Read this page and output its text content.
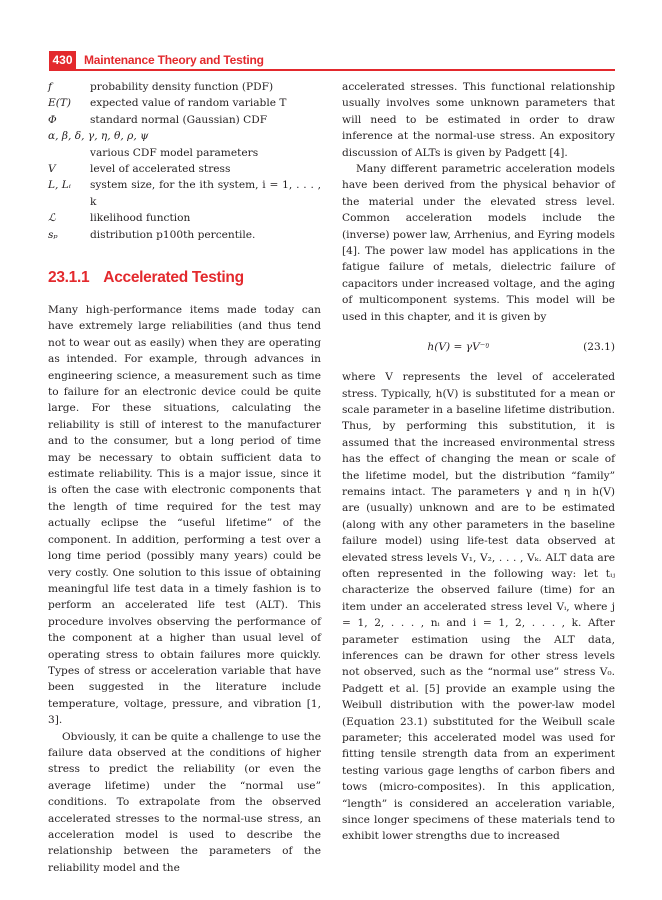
430 Maintenance Theory and Testing
f	probability density function (PDF)
E(T)	expected value of random variable T
Φ	standard normal (Gaussian) CDF
α, β, δ, γ, η, θ, ρ, ψ
various CDF model parameters
V	level of accelerated stress
L, Lᵢ	system size, for the ith system, i = 1, . . . , k
ℒ	likelihood function
sₚ	distribution p100th percentile.
23.1.1 Accelerated Testing

Many high-performance items made today can have extremely large reliabilities (and thus tend not to wear out as easily) when they are operating as intended. For example, through advances in engineering science, a measurement such as time to failure for an electronic device could be quite large. For these situations, calculating the reliability is still of interest to the manufacturer and to the consumer, but a long period of time may be necessary to obtain sufficient data to estimate reliability. This is a major issue, since it is often the case with electronic components that the length of time required for the test may actually eclipse the “useful lifetime” of the component. In addition, performing a test over a long time period (possibly many years) could be very costly. One solution to this issue of obtaining meaningful life test data in a timely fashion is to perform an accelerated life test (ALT). This procedure involves observing the performance of the component at a higher than usual level of operating stress to obtain failures more quickly. Types of stress or acceleration variable that have been suggested in the literature include temperature, voltage, pressure, and vibration [1, 3].

Obviously, it can be quite a challenge to use the failure data observed at the conditions of higher stress to predict the reliability (or even the average lifetime) under the “normal use” conditions. To extrapolate from the observed accelerated stresses to the normal-use stress, an acceleration model is used to describe the relationship between the parameters of the reliability model and the

accelerated stresses. This functional relationship usually involves some unknown parameters that will need to be estimated in order to draw inference at the normal-use stress. An expository discussion of ALTs is given by Padgett [4].

Many different parametric acceleration models have been derived from the physical behavior of the material under the elevated stress level. Common acceleration models include the (inverse) power law, Arrhenius, and Eyring models [4]. The power law model has applications in the fatigue failure of metals, dielectric failure of capacitors under increased voltage, and the aging of multicomponent systems. This model will be used in this chapter, and it is given by

h(V) = γV⁻ᵑ	(23.1)

where V represents the level of accelerated stress. Typically, h(V) is substituted for a mean or scale parameter in a baseline lifetime distribution. Thus, by performing this substitution, it is assumed that the increased environmental stress has the effect of changing the mean or scale of the lifetime model, but the distribution “family” remains intact. The parameters γ and η in h(V) are (usually) unknown and are to be estimated (along with any other parameters in the baseline failure model) using life-test data observed at elevated stress levels V₁, V₂, . . . , Vₖ. ALT data are often represented in the following way: let tᵢⱼ characterize the observed failure (time) for an item under an accelerated stress level Vᵢ, where j = 1, 2, . . . , nᵢ and i = 1, 2, . . . , k. After parameter estimation using the ALT data, inferences can be drawn for other stress levels not observed, such as the “normal use” stress V₀. Padgett et al. [5] provide an example using the Weibull distribution with the power-law model (Equation 23.1) substituted for the Weibull scale parameter; this accelerated model was used for fitting tensile strength data from an experiment testing various gage lengths of carbon fibers and tows (micro-composites). In this application, “length” is considered an acceleration variable, since longer specimens of these materials tend to exhibit lower strengths due to increased
